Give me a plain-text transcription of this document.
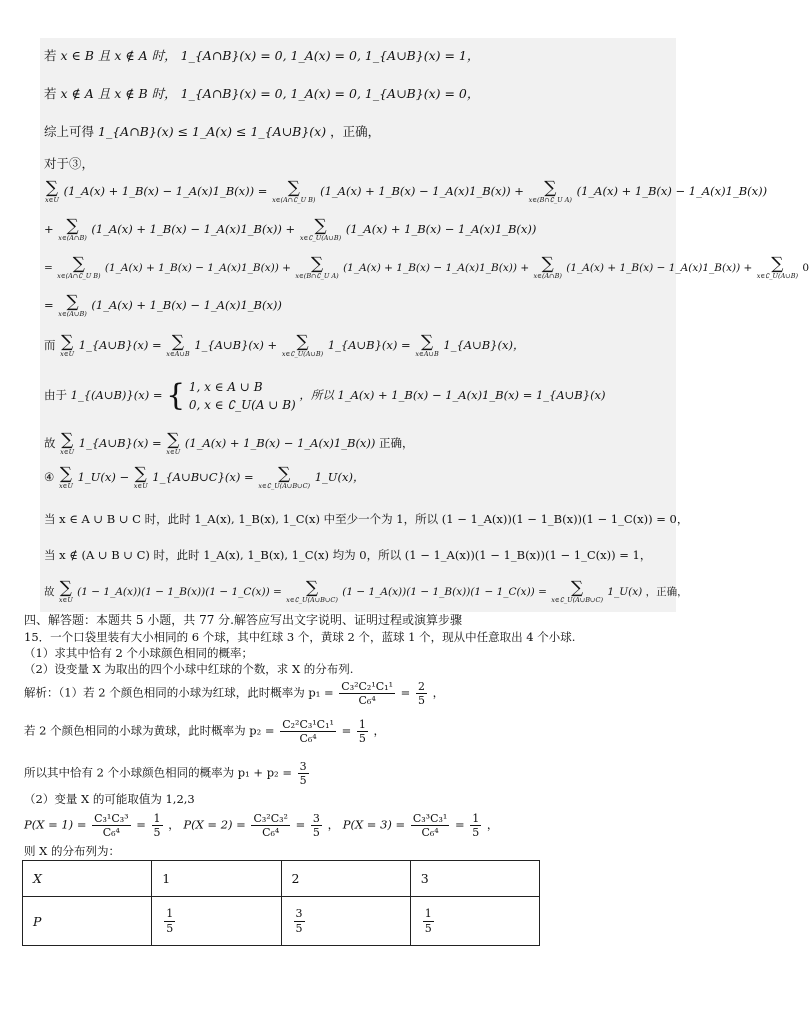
若 x ∈ B 且 x ∉ A 时， 1_{A∩B}(x) = 0, 1_A(x) = 0, 1_{A∪B}(x) = 1，
若 x ∉ A 且 x ∉ B 时， 1_{A∩B}(x) = 0, 1_A(x) = 0, 1_{A∪B}(x) = 0，
综上可得 1_{A∩B}(x) ≤ 1_A(x) ≤ 1_{A∪B}(x) ，正确，
对于③，
∑
x∈U
(1_A(x) + 1_B(x) − 1_A(x)1_B(x)) = ∑
x∈(A∩∁_U B)
(1_A(x) + 1_B(x) − 1_A(x)1_B(x)) + ∑
x∈(B∩∁_U A)
(1_A(x) + 1_B(x) − 1_A(x)1_B(x))
+ ∑
x∈(A∩B)
(1_A(x) + 1_B(x) − 1_A(x)1_B(x)) + ∑
x∈∁_U(A∪B)
(1_A(x) + 1_B(x) − 1_A(x)1_B(x))
= ∑
x∈(A∩∁_U B)
(1_A(x) + 1_B(x) − 1_A(x)1_B(x)) + ∑
x∈(B∩∁_U A)
(1_A(x) + 1_B(x) − 1_A(x)1_B(x)) + ∑
x∈(A∩B)
(1_A(x) + 1_B(x) − 1_A(x)1_B(x)) + ∑
x∈∁_U(A∪B)
0
= ∑
x∈(A∪B)
(1_A(x) + 1_B(x) − 1_A(x)1_B(x))
而 ∑
x∈U
1_{A∪B}(x) = ∑
x∈A∪B
1_{A∪B}(x) + ∑
x∈∁_U(A∪B)
1_{A∪B}(x) = ∑
x∈A∪B
1_{A∪B}(x)，
由于 1_{(A∪B)}(x) = { 1, x ∈ A ∪ B
0, x ∈ ∁_U(A ∪ B)
，所以 1_A(x) + 1_B(x) − 1_A(x)1_B(x) = 1_{A∪B}(x)
故 ∑
x∈U
1_{A∪B}(x) = ∑
x∈U
(1_A(x) + 1_B(x) − 1_A(x)1_B(x)) 正确，
④ ∑
x∈U
1_U(x) − ∑
x∈U
1_{A∪B∪C}(x) = ∑
x∈∁_U(A∪B∪C)
1_U(x)，
当 x ∈ A ∪ B ∪ C 时，此时 1_A(x), 1_B(x), 1_C(x) 中至少一个为 1，所以 (1 − 1_A(x))(1 − 1_B(x))(1 − 1_C(x)) = 0，
当 x ∉ (A ∪ B ∪ C) 时，此时 1_A(x), 1_B(x), 1_C(x) 均为 0，所以 (1 − 1_A(x))(1 − 1_B(x))(1 − 1_C(x)) = 1，
故 ∑
x∈U
(1 − 1_A(x))(1 − 1_B(x))(1 − 1_C(x)) = ∑
x∈∁_U(A∪B∪C)
(1 − 1_A(x))(1 − 1_B(x))(1 − 1_C(x)) = ∑
x∈∁_U(A∪B∪C)
1_U(x) ，正确，
四、解答题：本题共 5 小题，共 77 分.解答应写出文字说明、证明过程或演算步骤
15．一个口袋里装有大小相同的 6 个球，其中红球 3 个，黄球 2 个，蓝球 1 个，现从中任意取出 4 个小球.
（1）求其中恰有 2 个小球颜色相同的概率；
（2）设变量 X 为取出的四个小球中红球的个数，求 X 的分布列.
解析：（1）若 2 个颜色相同的小球为红球，此时概率为 $p_1 = \frac{\text{C₃²C₂¹C₁¹}}{\text{C₆⁴}} = \frac{2}{5}$ ，
若 2 个颜色相同的小球为黄球，此时概率为 $p_2 = \frac{\text{C₂²C₃¹C₁¹}}{\text{C₆⁴}} = \frac{1}{5}$ ，
所以其中恰有 2 个小球颜色相同的概率为 $p_1 + p_2 = \frac{3}{5}$
（2）变量 X 的可能取值为 1,2,3
$P(X = 1) = \frac{\text{C₃¹C₃³}}{\text{C₆⁴}} = \frac{1}{5}$ ， $P(X = 2) = \frac{\text{C₃²C₃²}}{\text{C₆⁴}} = \frac{3}{5}$ ， $P(X = 3) = \frac{\text{C₃³C₃¹}}{\text{C₆⁴}} = \frac{1}{5}$ ，
则 X 的分布列为：
X	1	2	3
P	$\frac{1}{5}$	$\frac{3}{5}$	$\frac{1}{5}$
